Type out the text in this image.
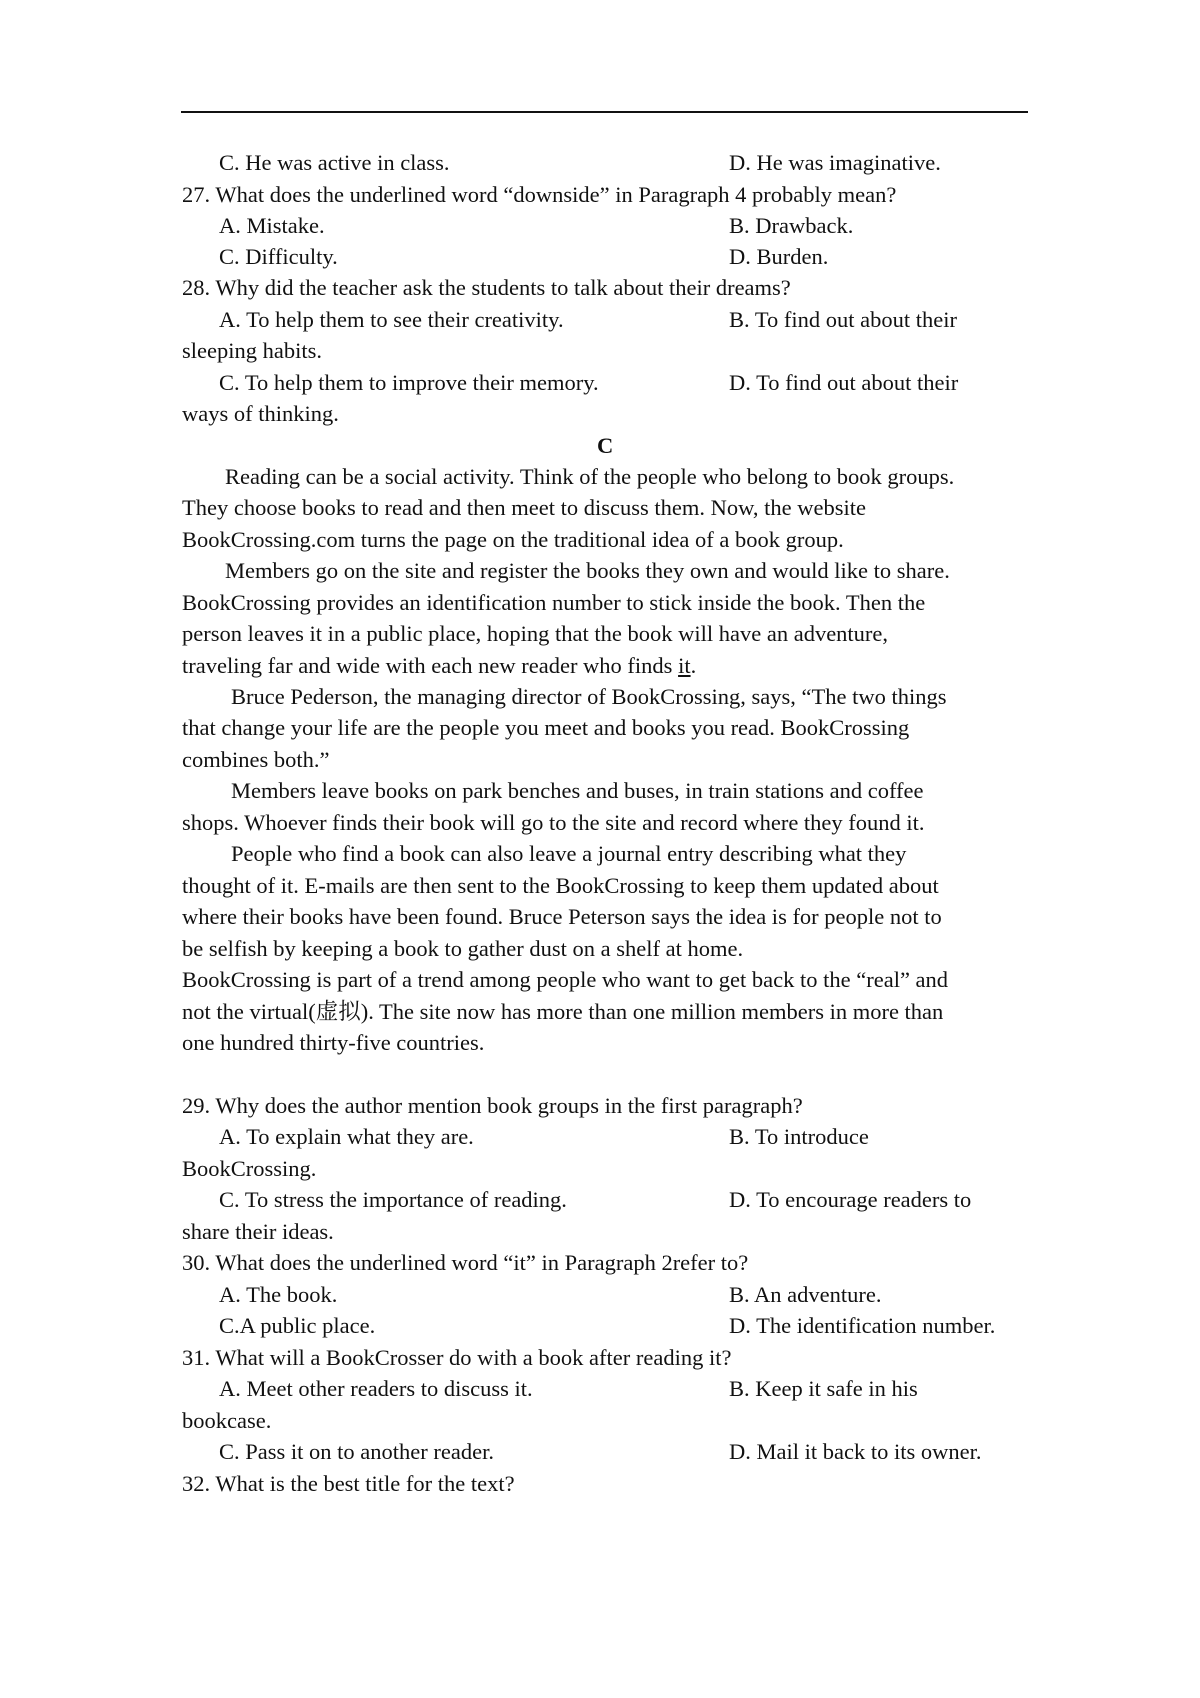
C. He was active in class.	D. He was imaginative.
27. What does the underlined word “downside” in Paragraph 4 probably mean?
A. Mistake.	B. Drawback.
C. Difficulty.	D. Burden.
28. Why did the teacher ask the students to talk about their dreams?
A. To help them to see their creativity.	B. To find out about their
sleeping habits.
C. To help them to improve their memory.	D. To find out about their
ways of thinking.
C
Reading can be a social activity. Think of the people who belong to book groups.
They choose books to read and then meet to discuss them. Now, the website
BookCrossing.com turns the page on the traditional idea of a book group.
Members go on the site and register the books they own and would like to share.
BookCrossing provides an identification number to stick inside the book. Then the
person leaves it in a public place, hoping that the book will have an adventure,
traveling far and wide with each new reader who finds it.
Bruce Pederson, the managing director of BookCrossing, says, “The two things
that change your life are the people you meet and books you read. BookCrossing
combines both.”
Members leave books on park benches and buses, in train stations and coffee
shops. Whoever finds their book will go to the site and record where they found it.
People who find a book can also leave a journal entry describing what they
thought of it. E-mails are then sent to the BookCrossing to keep them updated about
where their books have been found. Bruce Peterson says the idea is for people not to
be selfish by keeping a book to gather dust on a shelf at home.
BookCrossing is part of a trend among people who want to get back to the “real” and
not the virtual(虚拟). The site now has more than one million members in more than
one hundred thirty-five countries.
29. Why does the author mention book groups in the first paragraph?
A. To explain what they are.	B. To introduce
BookCrossing.
C. To stress the importance of reading.	D. To encourage readers to
share their ideas.
30. What does the underlined word “it” in Paragraph 2refer to?
A. The book.	B. An adventure.
C.A public place.	D. The identification number.
31. What will a BookCrosser do with a book after reading it?
A. Meet other readers to discuss it.	B. Keep it safe in his
bookcase.
C. Pass it on to another reader.	D. Mail it back to its owner.
32. What is the best title for the text?
